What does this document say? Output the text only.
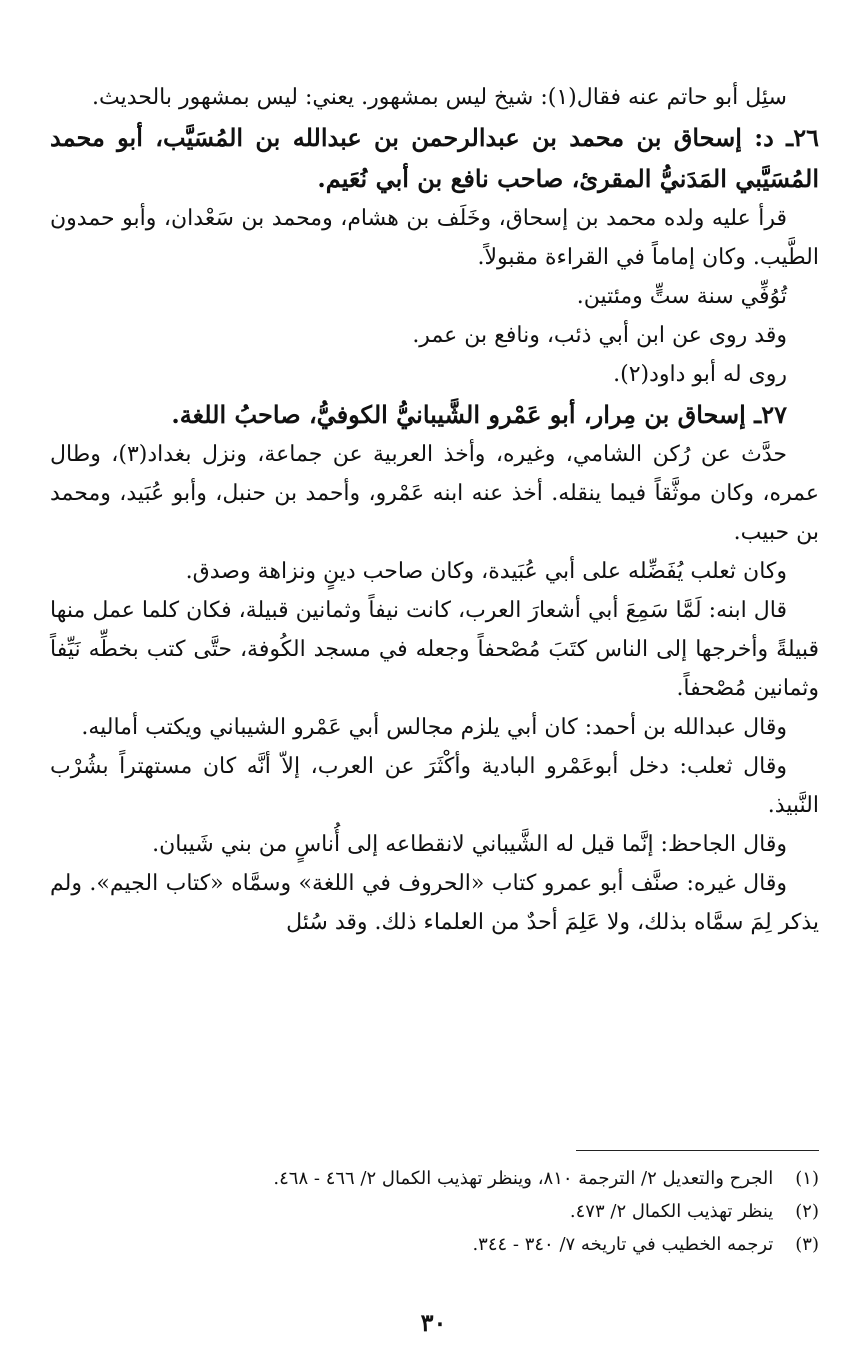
سئِل أبو حاتم عنه فقال(١): شيخ ليس بمشهور. يعني: ليس بمشهور بالحديث.

٢٦ـ د: إسحاق بن محمد بن عبدالرحمن بن عبدالله بن المُسَيَّب، أبو محمد المُسَيَّبي المَدَنيُّ المقرئ، صاحب نافع بن أبي نُعَيم.

قرأ عليه ولده محمد بن إسحاق، وخَلَف بن هشام، ومحمد بن سَعْدان، وأبو حمدون الطَّيب. وكان إماماً في القراءة مقبولاً.

تُوُفِّي سنة ستٍّ ومئتين.

وقد روى عن ابن أبي ذئب، ونافع بن عمر.

روى له أبو داود(٢).

٢٧ـ إسحاق بن مِرار، أبو عَمْرو الشَّيبانيُّ الكوفيُّ، صاحبُ اللغة.

حدَّث عن رُكن الشامي، وغيره، وأخذ العربية عن جماعة، ونزل بغداد(٣)، وطال عمره، وكان موثَّقاً فيما ينقله. أخذ عنه ابنه عَمْرو، وأحمد بن حنبل، وأبو عُبَيد، ومحمد بن حبيب.

وكان ثعلب يُفَضِّله على أبي عُبَيدة، وكان صاحب دينٍ ونزاهة وصدق.

قال ابنه: لَمَّا سَمِعَ أبي أشعارَ العرب، كانت نيفاً وثمانين قبيلة، فكان كلما عمل منها قبيلةً وأخرجها إلى الناس كتَبَ مُصْحفاً وجعله في مسجد الكُوفة، حتَّى كتب بخطِّه نَيِّفاً وثمانين مُصْحفاً.

وقال عبدالله بن أحمد: كان أبي يلزم مجالس أبي عَمْرو الشيباني ويكتب أماليه.

وقال ثعلب: دخل أبوعَمْرو البادية وأكْثَرَ عن العرب، إلاّ أنَّه كان مستهتراً بشُرْب النَّبيذ.

وقال الجاحظ: إنَّما قيل له الشَّيباني لانقطاعه إلى أُناسٍ من بني شَيبان.

وقال غيره: صنَّف أبو عمرو كتاب «الحروف في اللغة» وسمَّاه «كتاب الجيم». ولم يذكر لِمَ سمَّاه بذلك، ولا عَلِمَ أحدٌ من العلماء ذلك. وقد سُئل

(١) الجرح والتعديل ٢/ الترجمة ٨١٠، وينظر تهذيب الكمال ٢/ ٤٦٦ - ٤٦٨.
(٢) ينظر تهذيب الكمال ٢/ ٤٧٣.
(٣) ترجمه الخطيب في تاريخه ٧/ ٣٤٠ - ٣٤٤.
٣٠
